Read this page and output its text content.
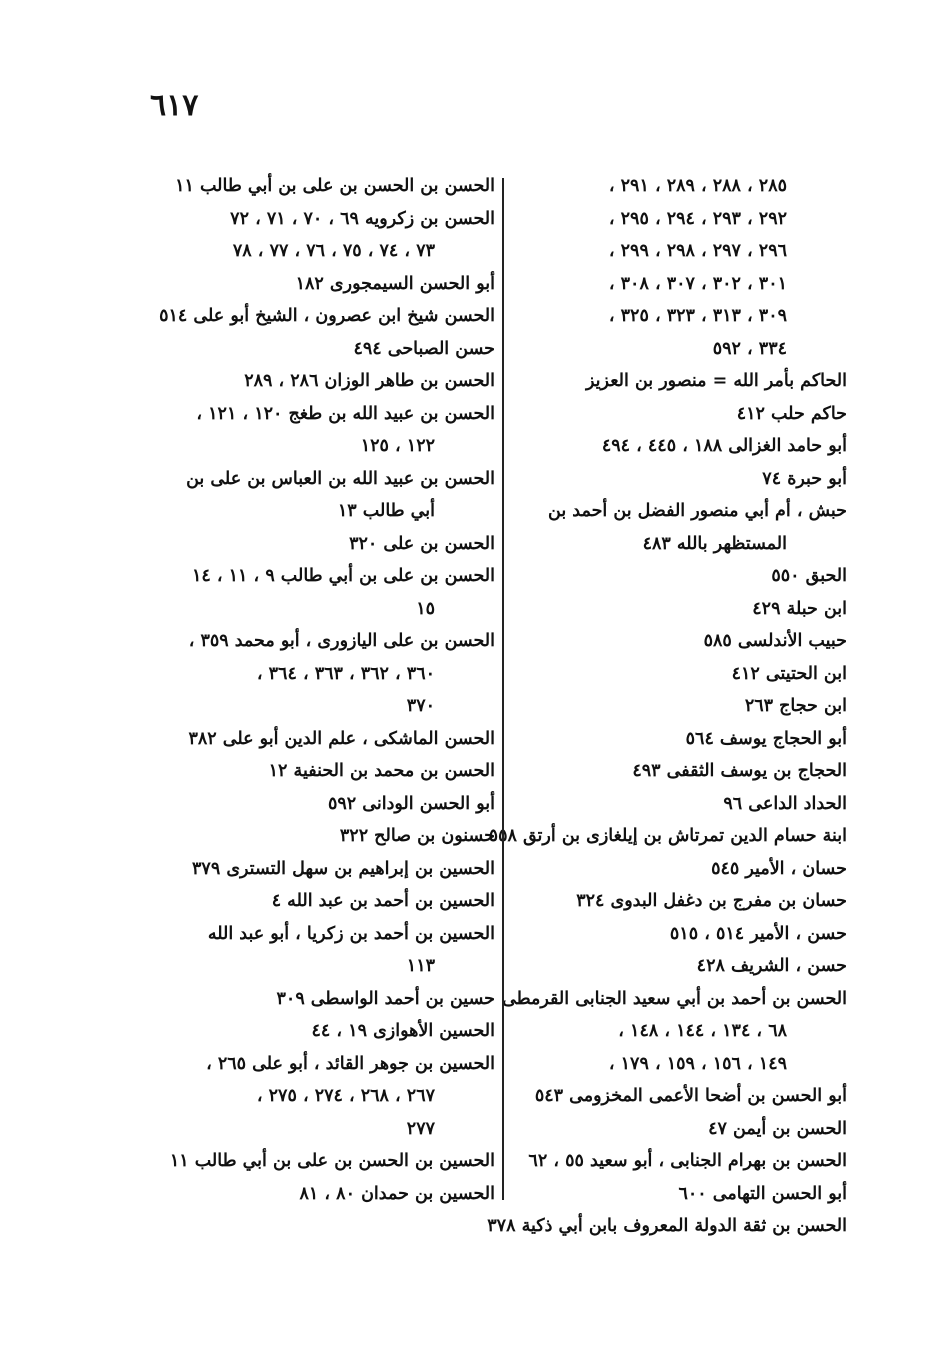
٦١٧
٢٨٥ ، ٢٨٨ ، ٢٨٩ ، ٢٩١ ،
٢٩٢ ، ٢٩٣ ، ٢٩٤ ، ٢٩٥ ،
٢٩٦ ، ٢٩٧ ، ٢٩٨ ، ٢٩٩ ،
٣٠١ ، ٣٠٢ ، ٣٠٧ ، ٣٠٨ ،
٣٠٩ ، ٣١٣ ، ٣٢٣ ، ٣٢٥ ،
٣٣٤ ، ٥٩٢
الحاكم بأمر الله = منصور بن العزيز
حاكم حلب ٤١٢
أبو حامد الغزالى ١٨٨ ، ٤٤٥ ، ٤٩٤
أبو حبرة ٧٤
حبش ، أم أبي منصور الفضل بن أحمد بن
المستظهر بالله ٤٨٣
الحبق ٥٥٠
ابن حبلة ٤٢٩
حبيب الأندلسى ٥٨٥
ابن الحتيتى ٤١٢
ابن حجاج ٢٦٣
أبو الحجاج يوسف ٥٦٤
الحجاج بن يوسف الثقفى ٤٩٣
الحداد الداعى ٩٦
ابنة حسام الدين تمرتاش بن إيلغازى بن أرتق ٥٥٨
حسان ، الأمير ٥٤٥
حسان بن مفرج بن دغفل البدوى ٣٢٤
حسن ، الأمير ٥١٤ ، ٥١٥
حسن ، الشريف ٤٢٨
الحسن بن أحمد بن أبي سعيد الجنابى القرمطى
٦٨ ، ١٣٤ ، ١٤٤ ، ١٤٨ ،
١٤٩ ، ١٥٦ ، ١٥٩ ، ١٧٩ ،
أبو الحسن بن أضحا الأعمى المخزومى ٥٤٣
الحسن بن أيمن ٤٧
الحسن بن بهرام الجنابى ، أبو سعيد ٥٥ ، ٦٢
أبو الحسن التهامى ٦٠٠
الحسن بن ثقة الدولة المعروف بابن أبي ذكية ٣٧٨
الحسن بن الحسن بن على بن أبي طالب ١١
الحسن بن زكرويه ٦٩ ، ٧٠ ، ٧١ ، ٧٢
٧٣ ، ٧٤ ، ٧٥ ، ٧٦ ، ٧٧ ، ٧٨
أبو الحسن السيمجورى ١٨٢
الحسن شيخ ابن عصرون ، الشيخ أبو على ٥١٤
حسن الصباحى ٤٩٤
الحسن بن طاهر الوزان ٢٨٦ ، ٢٨٩
الحسن بن عبيد الله بن طغج ١٢٠ ، ١٢١ ،
١٢٢ ، ١٢٥
الحسن بن عبيد الله بن العباس بن على بن
أبي طالب ١٣
الحسن بن على ٣٢٠
الحسن بن على بن أبي طالب ٩ ، ١١ ، ١٤
١٥
الحسن بن على اليازورى ، أبو محمد ٣٥٩ ،
٣٦٠ ، ٣٦٢ ، ٣٦٣ ، ٣٦٤ ،
٣٧٠
الحسن الماشكى ، علم الدين أبو على ٣٨٢
الحسن بن محمد بن الحنفية ١٢
أبو الحسن الودانى ٥٩٢
حسنون بن صالح ٣٢٢
الحسين بن إبراهيم بن سهل التسترى ٣٧٩
الحسين بن أحمد بن عبد الله ٤
الحسين بن أحمد بن زكريا ، أبو عبد الله
١١٣
حسين بن أحمد الواسطى ٣٠٩
الحسين الأهوازى ١٩ ، ٤٤
الحسين بن جوهر القائد ، أبو على ٢٦٥ ،
٢٦٧ ، ٢٦٨ ، ٢٧٤ ، ٢٧٥ ،
٢٧٧
الحسين بن الحسن بن على بن أبي طالب ١١
الحسين بن حمدان ٨٠ ، ٨١
